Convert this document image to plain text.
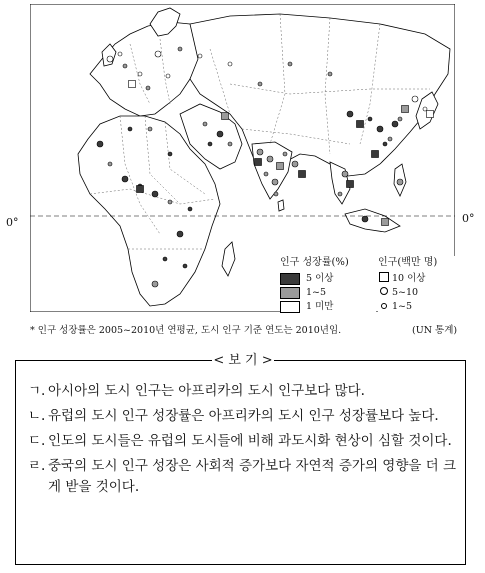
0°	0°
인구 성장률(%)
5 이상
1~5
1 미만
인구(백만 명)
10 이상
5~10
1~5
* 인구 성장률은 2005~2010년 연평균, 도시 인구 기준 연도는 2010년임.	(UN 통계)
< 보 기 >
ㄱ. 아시아의 도시 인구는 아프리카의 도시 인구보다 많다.
ㄴ. 유럽의 도시 인구 성장률은 아프리카의 도시 인구 성장률보다 높다.
ㄷ. 인도의 도시들은 유럽의 도시들에 비해 과도시화 현상이 심할 것이다.
ㄹ. 중국의 도시 인구 성장은 사회적 증가보다 자연적 증가의 영향을 더 크게 받을 것이다.
